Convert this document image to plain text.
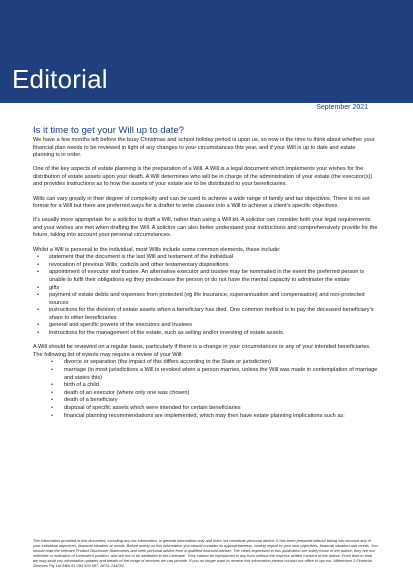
Editorial
September 2021
Is it time to get your Will up to date?

We have a few months left before the busy Christmas and school holiday period is upon us, so now is the time to think about whether your financial plan needs to be reviewed in light of any changes to your circumstances this year, and if your Will is up to date and estate planning is in order.

One of the key aspects of estate planning is the preparation of a Will. A Will is a legal document which implements your wishes for the distribution of estate assets upon your death. A Will determines who will be in charge of the administration of your estate (the executor(s)) and provides instructions as to how the assets of your estate are to be distributed to your beneficiaries.

Wills can vary greatly in their degree of complexity and can be used to achieve a wide range of family and tax objectives. There is no set format for a Will but there are preferred ways for a drafter to write clauses into a Will to achieve a client’s specific objectives.

It’s usually more appropriate for a solicitor to draft a Will, rather than using a Will kit. A solicitor can consider both your legal requirements and your wishes are met when drafting the Will. A solicitor can also better understand your instructions and comprehensively provide for the future, taking into account your personal circumstances.

Whilst a Will is personal to the individual, most Wills include some common elements, these include:

• statement that the document is the last Will and testament of the individual
• revocation of previous Wills, codicils and other testamentary dispositions
• appointment of executor and trustee. An alternative executor and trustee may be nominated in the event the preferred person is unable to fulfil their obligations eg they predecease the person or do not have the mental capacity to administer the estate
• gifts
• payment of estate debts and expenses from protected (eg life insurance, superannuation and compensation) and non-protected sources
• instructions for the division of estate assets when a beneficiary has died. One common method is to pay the deceased beneficiary’s share to other beneficiaries
• general and specific powers of the executors and trustees
• instructions for the management of the estate, such as selling and/or investing of estate assets.

A Will should be reviewed on a regular basis, particularly if there is a change in your circumstances or any of your intended beneficiaries. The following list of events may require a review of your Will:

• divorce or separation (the impact of this differs according to the State or jurisdiction)
• marriage (in most jurisdictions a Will is revoked when a person marries, unless the Will was made in contemplation of marriage and states this)
• birth of a child
• death of an executor (where only one was chosen)
• death of a beneficiary
• disposal of specific assets which were intended for certain beneficiaries
• financial planning recommendations are implemented, which may then have estate planning implications such as:
The information provided in this document, including any tax information, is general information only and does not constitute personal advice. It has been prepared without taking into account any of your individual objectives, financial situation or needs. Before acting on this information you should consider its appropriateness, having regard to your own objectives, financial situation and needs. You should read the relevant Product Disclosure Statements and seek personal advice from a qualified financial adviser. The views expressed in this publication are solely those of the author; they are not reflective or indicative of Licensee’s position, and are not to be attributed to the Licensee. They cannot be reproduced in any form without the express written consent of the author. From time to time we may send you informative updates and details of the range of services we can provide. If you no longer want to receive this information please contact our office to opt out. Millennium 3 Financial Services Pty Ltd ABN 61 094 529 987, AFSL 244252.
